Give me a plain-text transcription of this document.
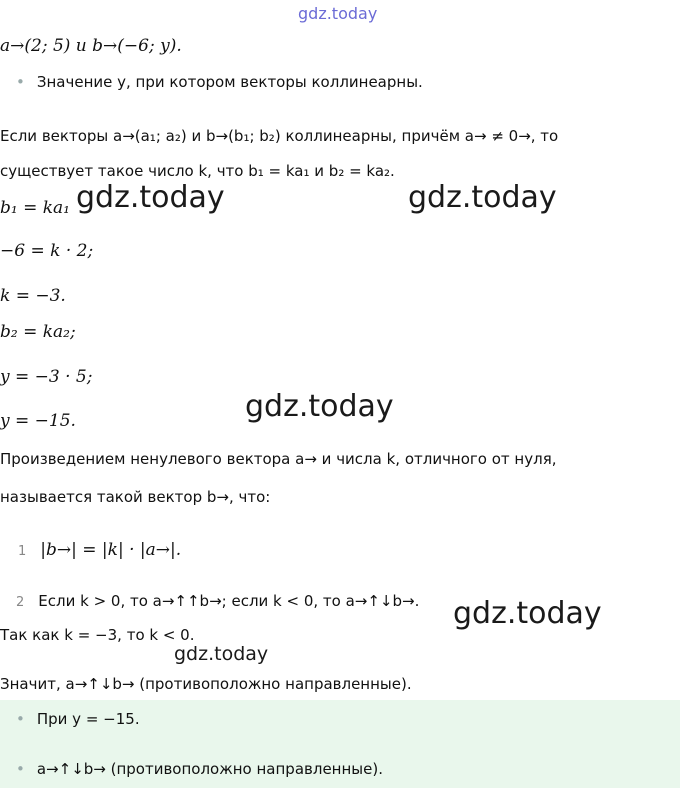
gdz.today
a→(2; 5) и b→(−6; y).
• Значение y, при котором векторы коллинеарны.
Если векторы a→(a₁; a₂) и b→(b₁; b₂) коллинеарны, причём a→ ≠ 0→, то
существует такое число k, что b₁ = ka₁ и b₂ = ka₂.
b₁ = ka₁ gdz.today	gdz.today
−6 = k · 2;
k = −3.
b₂ = ka₂;
y = −3 · 5;
y = −15.	gdz.today
Произведением ненулевого вектора a→ и числа k, отличного от нуля,
называется такой вектор b→, что:
1 |b→| = |k| · |a→|.
2 Если k > 0, то a→↑↑b→; если k < 0, то a→↑↓b→. gdz.today
Так как k = −3, то k < 0.
gdz.today
Значит, a→↑↓b→ (противоположно направленные).
• При y = −15.
• a→↑↓b→ (противоположно направленные).
